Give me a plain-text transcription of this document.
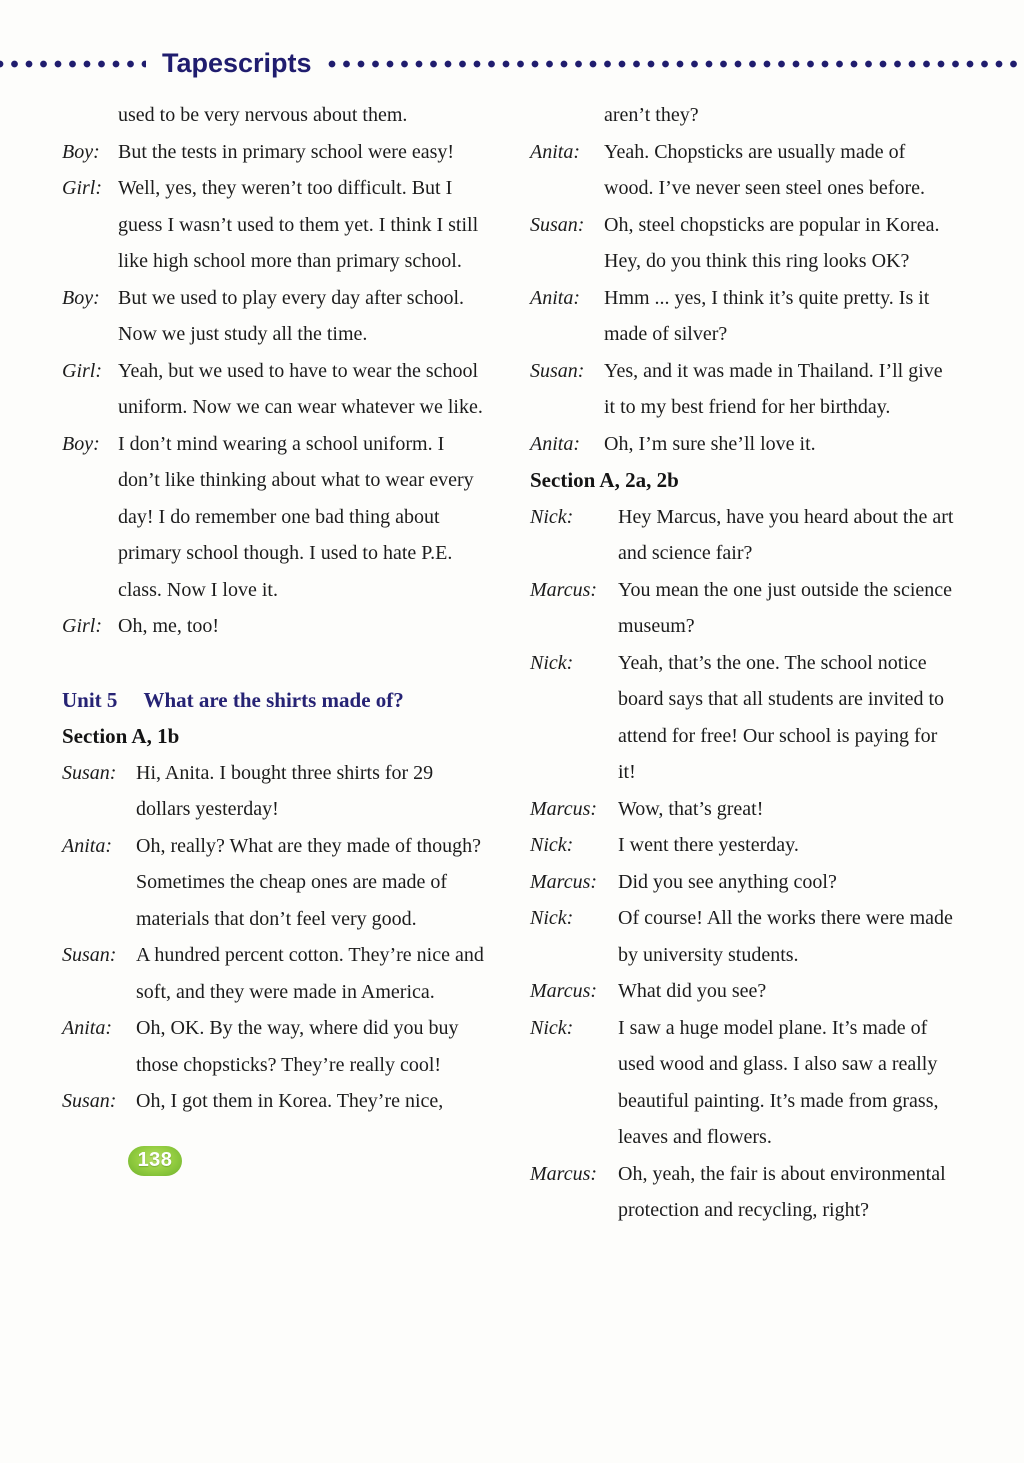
Tapescripts
used to be very nervous about them.
Boy: But the tests in primary school were easy!
Girl: Well, yes, they weren’t too difficult. But I guess I wasn’t used to them yet. I think I still like high school more than primary school.
Boy: But we used to play every day after school. Now we just study all the time.
Girl: Yeah, but we used to have to wear the school uniform. Now we can wear whatever we like.
Boy: I don’t mind wearing a school uniform. I don’t like thinking about what to wear every day! I do remember one bad thing about primary school though. I used to hate P.E. class. Now I love it.
Girl: Oh, me, too!
Unit 5 What are the shirts made of?
Section A, 1b
Susan: Hi, Anita. I bought three shirts for 29 dollars yesterday!
Anita:	Oh, really? What are they made of though? Sometimes the cheap ones are made of materials that don’t feel very good.
Susan: A hundred percent cotton. They’re nice and soft, and they were made in America.
Anita:	Oh, OK. By the way, where did you buy those chopsticks? They’re really cool!
Susan: Oh, I got them in Korea. They’re nice,
138
aren’t they?
Anita:	Yeah. Chopsticks are usually made of wood. I’ve never seen steel ones before.
Susan: Oh, steel chopsticks are popular in Korea. Hey, do you think this ring looks OK?
Anita:	Hmm ... yes, I think it’s quite pretty. Is it made of silver?
Susan: Yes, and it was made in Thailand. I’ll give it to my best friend for her birthday.
Anita:	Oh, I’m sure she’ll love it.
Section A, 2a, 2b
Nick:	Hey Marcus, have you heard about the art and science fair?
Marcus:	You mean the one just outside the science museum?
Nick:	Yeah, that’s the one. The school notice board says that all students are invited to attend for free! Our school is paying for it!
Marcus:	Wow, that’s great!
Nick:	I went there yesterday.
Marcus:	Did you see anything cool?
Nick:	Of course! All the works there were made by university students.
Marcus:	What did you see?
Nick:	I saw a huge model plane. It’s made of used wood and glass. I also saw a really beautiful painting. It’s made from grass, leaves and flowers.
Marcus:	Oh, yeah, the fair is about environmental protection and recycling, right?
